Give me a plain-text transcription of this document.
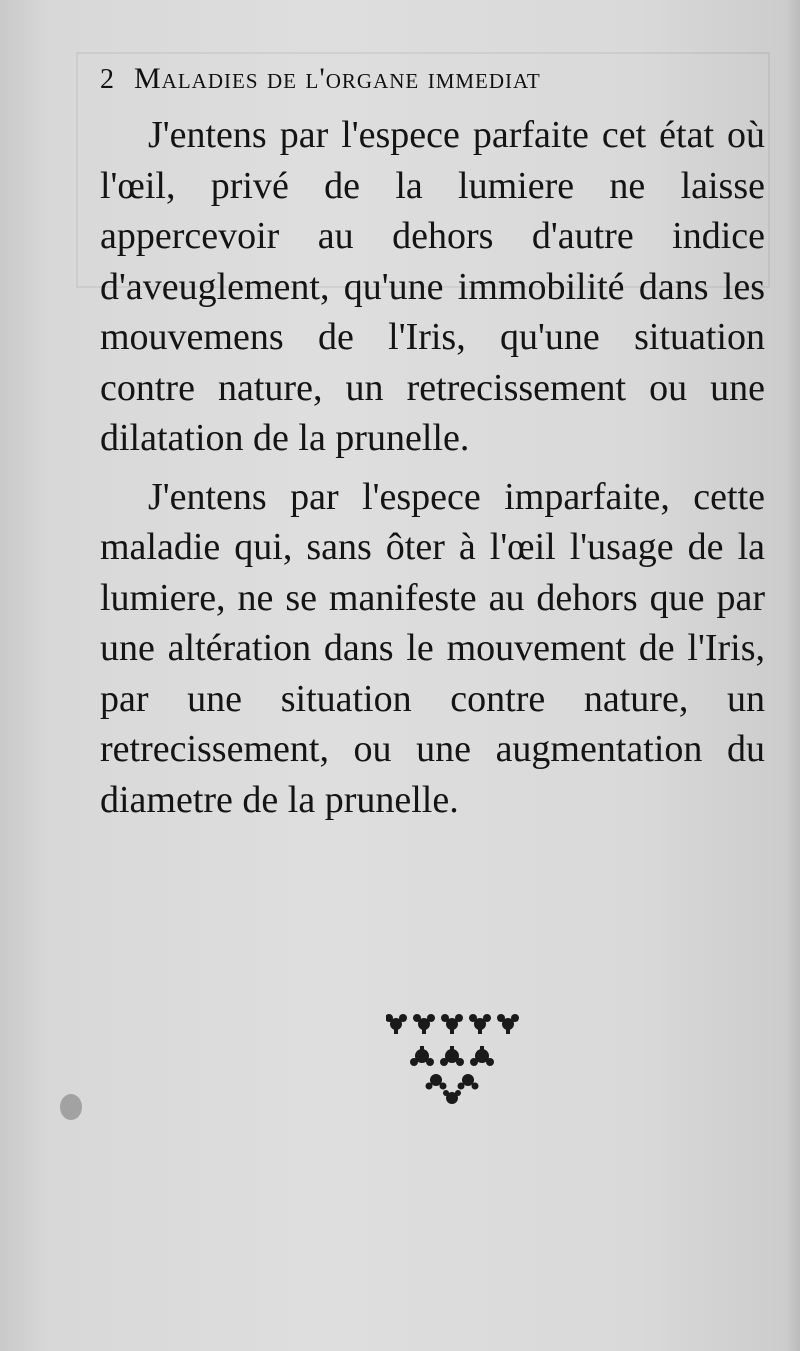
2 Maladies de l'organe immediat

J'entens par l'espece parfaite cet état où l'œil, privé de la lumiere ne laisse appercevoir au dehors d'autre indice d'aveuglement, qu'une immobilité dans les mouvemens de l'Iris, qu'une situation contre nature, un retrecissement ou une dilatation de la prunelle.

J'entens par l'espece imparfaite, cette maladie qui, sans ôter à l'œil l'usage de la lumiere, ne se manifeste au dehors que par une altération dans le mouvement de l'Iris, par une situation contre nature, un retrecissement, ou une augmentation du diametre de la prunelle.
